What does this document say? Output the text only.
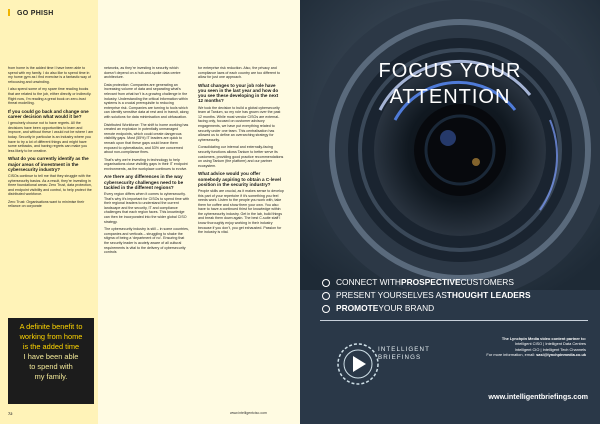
GO PHISH

from home is the added time I have been able to spend with my family. I do also like to spend time in my home gym as I find exercise is a fantastic way of refocusing and unwinding.

I also spend some of my spare time reading books that are related to the job, either directly or indirectly. Right now, I’m reading a great book on zero-trust threat modelling.

If you could go back and change one career decision what would it be?

I genuinely choose not to have regrets. All the decisions have been opportunities to learn and improve, and without these I would not be where I am today. Security in particular is an industry where you have to try a lot of different things and might have some setbacks, and having regrets can make you less likely to be creative.

What do you currently identify as the major areas of investment in the cybersecurity industry?

CISOs continue to tell me that they struggle with the cybersecurity basics. As a result, they’re investing in three foundational areas: Zero Trust, data protection, and endpoint visibility and control, to help protect the distributed workforce.

Zero Trust: Organisations want to minimise their reliance on corporate

A definite benefit to
working from home
is the added time
I have been able
to spend with
my family.

networks, as they’re investing in security which doesn’t depend on a hub-and-spoke data centre architecture.

Data protection: Companies are generating an increasing volume of data and separating what’s relevant from what isn’t is a growing challenge in the industry. Understanding the critical information within systems is a crucial prerequisite to reducing enterprise risk. Companies are turning to tools which can identify sensitive data at rest and in transit, along with solutions for data minimisation and obfuscation.

Distributed Workforce: The shift to home working has created an explosion in potentially unmanaged remote endpoints, which could create dangerous visibility gaps. Most (55%) IT leaders are quick to remark upon that these gaps could leave them exposed to cyberattacks, and 53% are concerned about non-compliance fines.

That’s why we’re investing in technology to help organisations close visibility gaps in their IT endpoint environments, as the workplace continues to evolve.

Are there any differences in the way cybersecurity challenges need to be tackled in the different regions?

Every region differs when it comes to cybersecurity. That’s why it’s important for CISOs to spend time with their regional leaders to understand the current landscape and the security, IT and compliance challenges that each region faces. This knowledge can then be incorporated into the wider global CISO strategy.

The cybersecurity industry is still – in some countries, companies and verticals – struggling to shake the stigma of being a ‘department of no’. Ensuring that the security leader is acutely aware of all cultural requirements is vital to the delivery of cybersecurity controls

for enterprise risk reduction. Also, the privacy and compliance laws of each country are too different to allow for just one approach.

What changes to your job role have you seen in the last year and how do you see these developing in the next 12 months?

We took the decision to build a global cybersecurity team at Tanium, so my role has grown over the past 12 months. While most vendor CISOs are external-facing only, focused on customer advisory engagements, we have put everything related to security under one team. This centralisation has allowed us to define an overarching strategy for cybersecurity.

Consolidating our internal and externally-facing security functions allows Tanium to better serve its customers, providing good practice recommendations on using Tanium (the platform) and our partner ecosystem.

What advice would you offer somebody aspiring to obtain a C-level position in the security industry?

People skills are crucial, as it makes sense to develop this part of your repertoire if it’s something you feel needs work. Listen to the people you work with, take them for coffee and show them your own. You also have to have a continued thirst for knowledge within the cybersecurity industry. Get in the lab, build things and break them down again. The best C-suite staff I know thoroughly enjoy working in their industry because if you don’t, you get exhausted. Passion for the industry is vital.

72	www.intelligentciso.com
FOCUS YOUR
ATTENTION
CONNECT WITH PROSPECTIVE CUSTOMERS
PRESENT YOURSELVES AS THOUGHT LEADERS
PROMOTE YOUR BRAND
INTELLIGENT
BRIEFINGS
The Lynchpin Media video content partner to:
Intelligent CISO | Intelligent Data Centres
Intelligent CIO | Intelligent Tech Channels
For more information, email: sasi@lynchpinmedia.co.uk
www.intelligentbriefings.com
